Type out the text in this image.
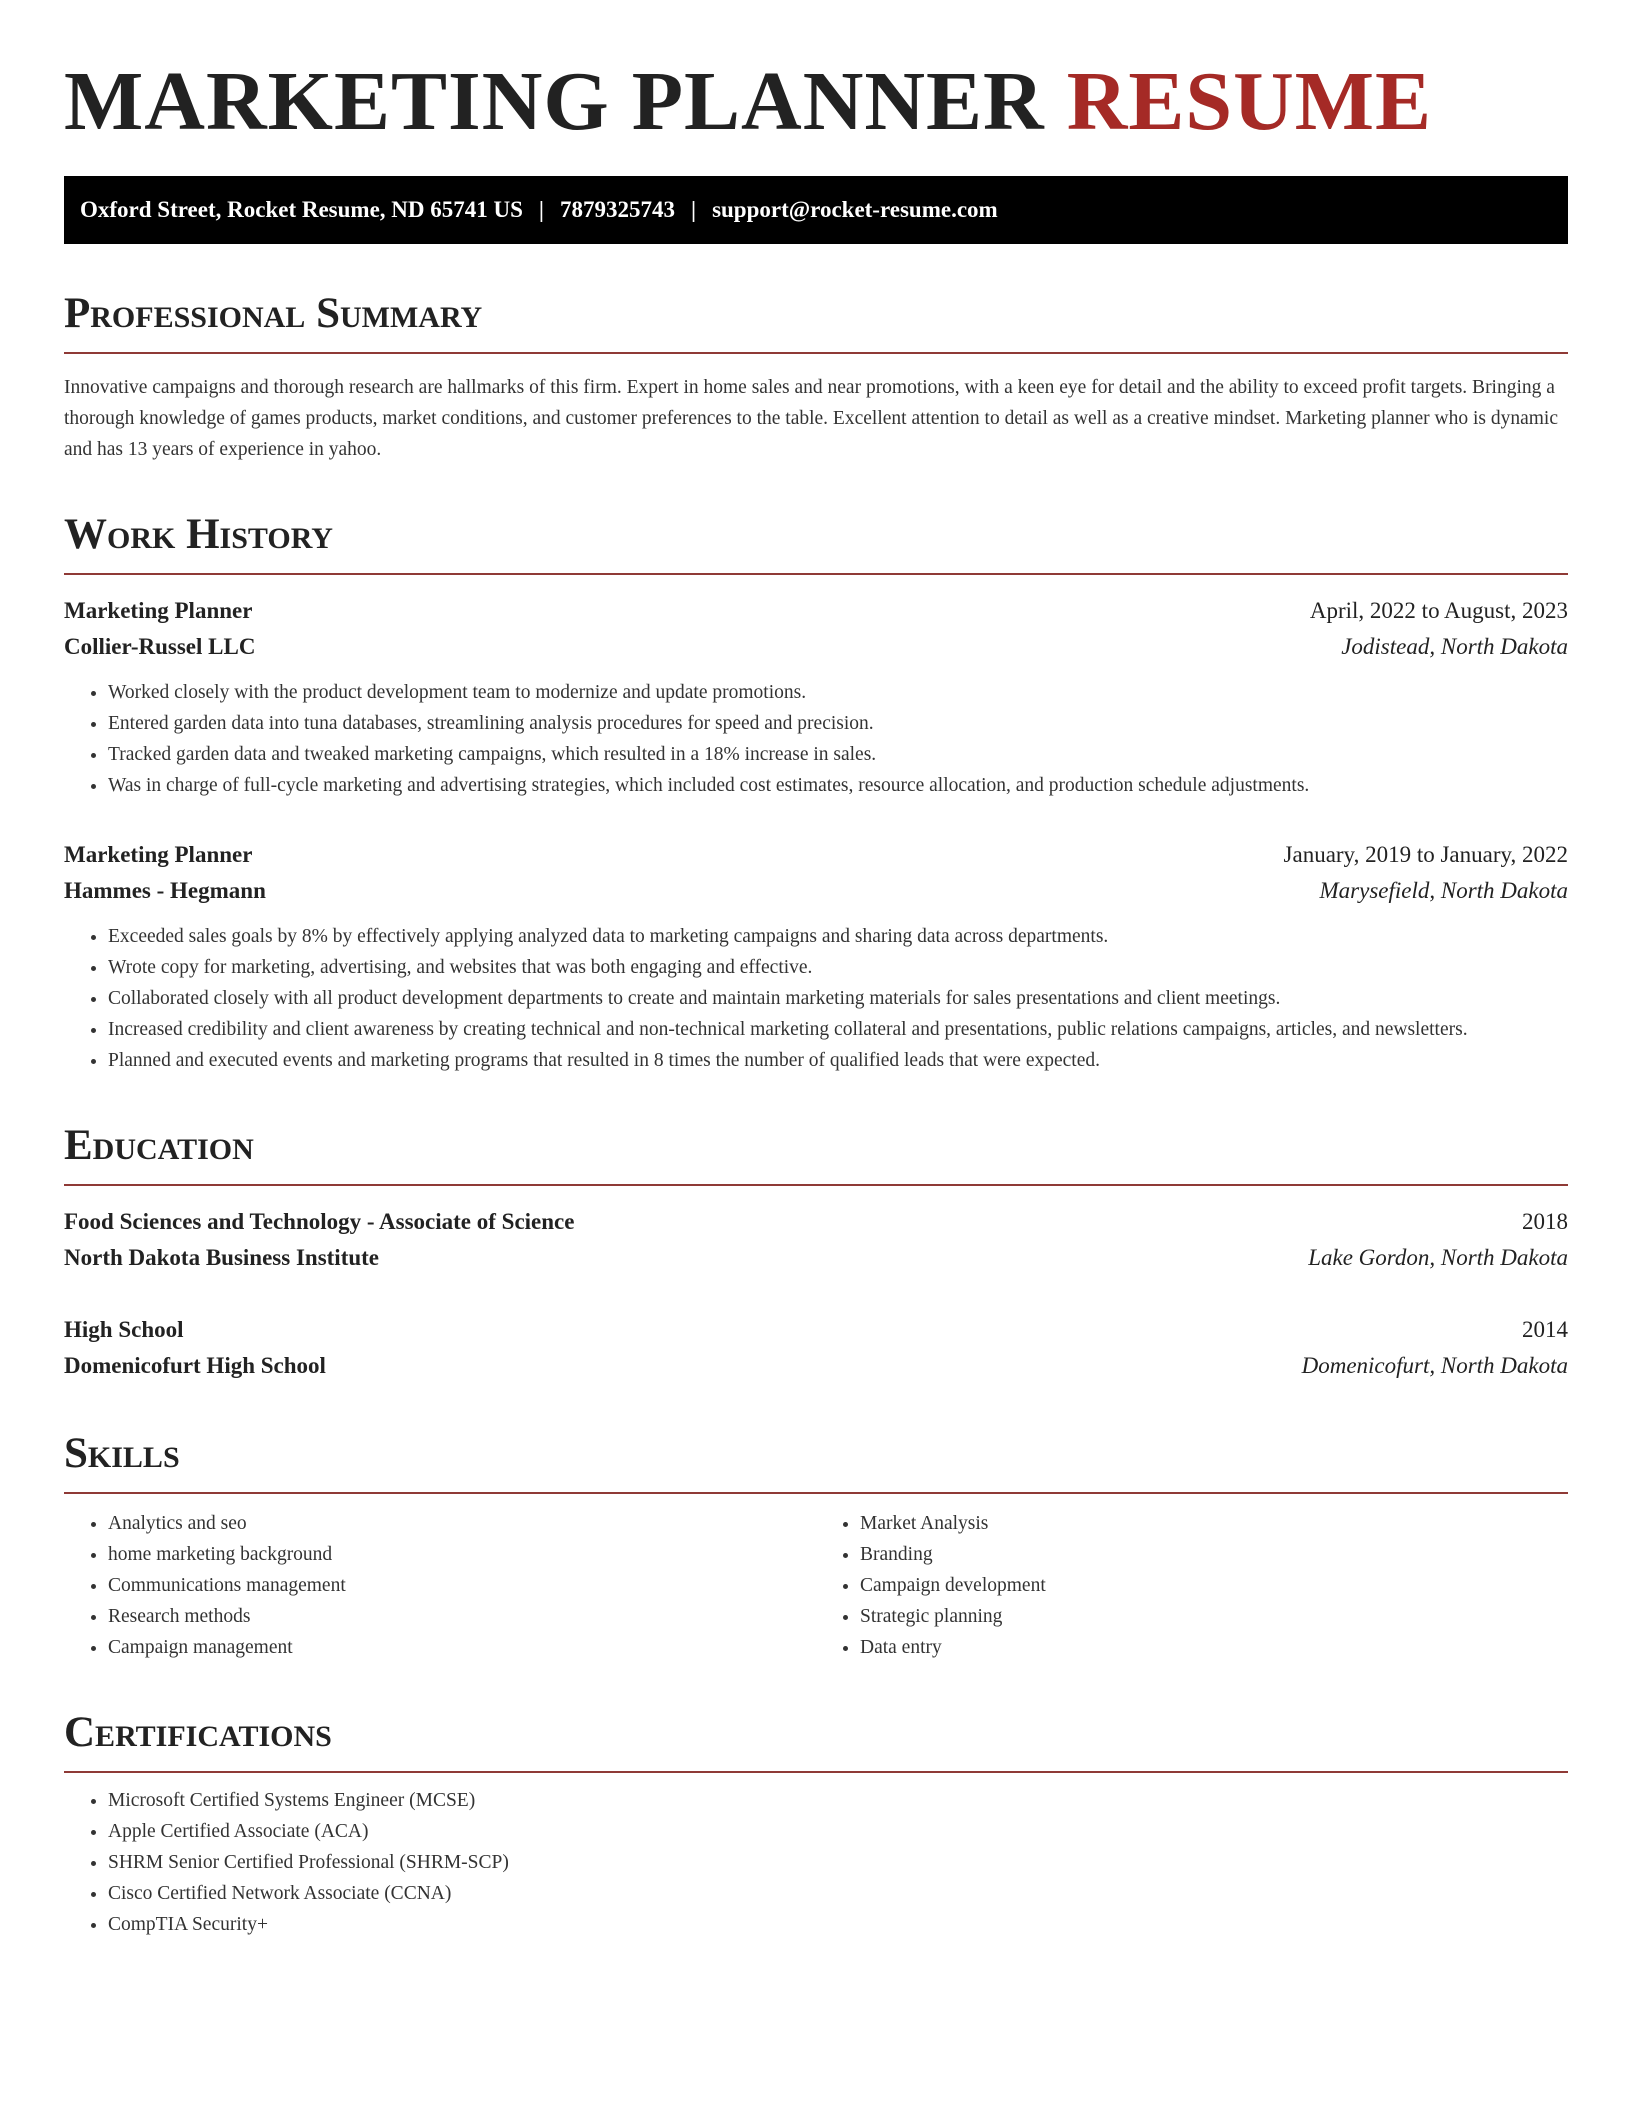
MARKETING PLANNER RESUME
Oxford Street, Rocket Resume, ND 65741 US | 7879325743 | support@rocket-resume.com
Professional Summary

Innovative campaigns and thorough research are hallmarks of this firm. Expert in home sales and near promotions, with a keen eye for detail and the ability to exceed profit targets. Bringing a thorough knowledge of games products, market conditions, and customer preferences to the table. Excellent attention to detail as well as a creative mindset. Marketing planner who is dynamic and has 13 years of experience in yahoo.

Work History
Marketing Planner	April, 2022 to August, 2023
Collier-Russel LLC	Jodistead, North Dakota
• Worked closely with the product development team to modernize and update promotions.
• Entered garden data into tuna databases, streamlining analysis procedures for speed and precision.
• Tracked garden data and tweaked marketing campaigns, which resulted in a 18% increase in sales.
• Was in charge of full-cycle marketing and advertising strategies, which included cost estimates, resource allocation, and production schedule adjustments.
Marketing Planner	January, 2019 to January, 2022
Hammes - Hegmann	Marysefield, North Dakota
• Exceeded sales goals by 8% by effectively applying analyzed data to marketing campaigns and sharing data across departments.
• Wrote copy for marketing, advertising, and websites that was both engaging and effective.
• Collaborated closely with all product development departments to create and maintain marketing materials for sales presentations and client meetings.
• Increased credibility and client awareness by creating technical and non-technical marketing collateral and presentations, public relations campaigns, articles, and newsletters.
• Planned and executed events and marketing programs that resulted in 8 times the number of qualified leads that were expected.
Education
Food Sciences and Technology - Associate of Science	2018
North Dakota Business Institute	Lake Gordon, North Dakota
High School	2014
Domenicofurt High School	Domenicofurt, North Dakota
Skills
• Analytics and seo
• home marketing background
• Communications management
• Research methods
• Campaign management
• Market Analysis
• Branding
• Campaign development
• Strategic planning
• Data entry
Certifications
• Microsoft Certified Systems Engineer (MCSE)
• Apple Certified Associate (ACA)
• SHRM Senior Certified Professional (SHRM-SCP)
• Cisco Certified Network Associate (CCNA)
• CompTIA Security+
